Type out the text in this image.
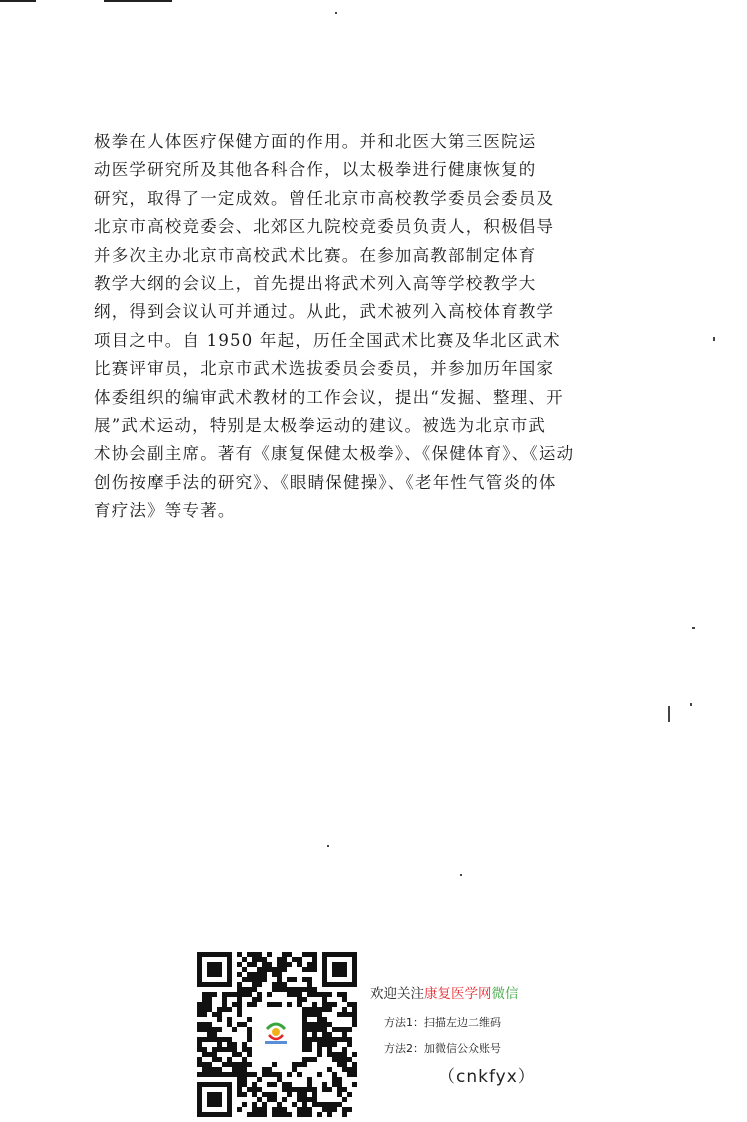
极拳在人体医疗保健方面的作用。并和北医大第三医院运

动医学研究所及其他各科合作，以太极拳进行健康恢复的

研究，取得了一定成效。曾任北京市高校教学委员会委员及

北京市高校竞委会、北郊区九院校竞委员负责人，积极倡导

并多次主办北京市高校武术比赛。在参加高教部制定体育

教学大纲的会议上，首先提出将武术列入高等学校教学大

纲，得到会议认可并通过。从此，武术被列入高校体育教学

项目之中。自 1950 年起，历任全国武术比赛及华北区武术

比赛评审员，北京市武术选拔委员会委员，并参加历年国家

体委组织的编审武术教材的工作会议，提出“发掘、整理、开

展”武术运动，特别是太极拳运动的建议。被选为北京市武

术协会副主席。著有《康复保健太极拳》、《保健体育》、《运动

创伤按摩手法的研究》、《眼睛保健操》、《老年性气管炎的体

育疗法》等专著。

欢迎关注康复医学网微信
方法1：扫描左边二维码
方法2：加微信公众账号
（cnkfyx）
